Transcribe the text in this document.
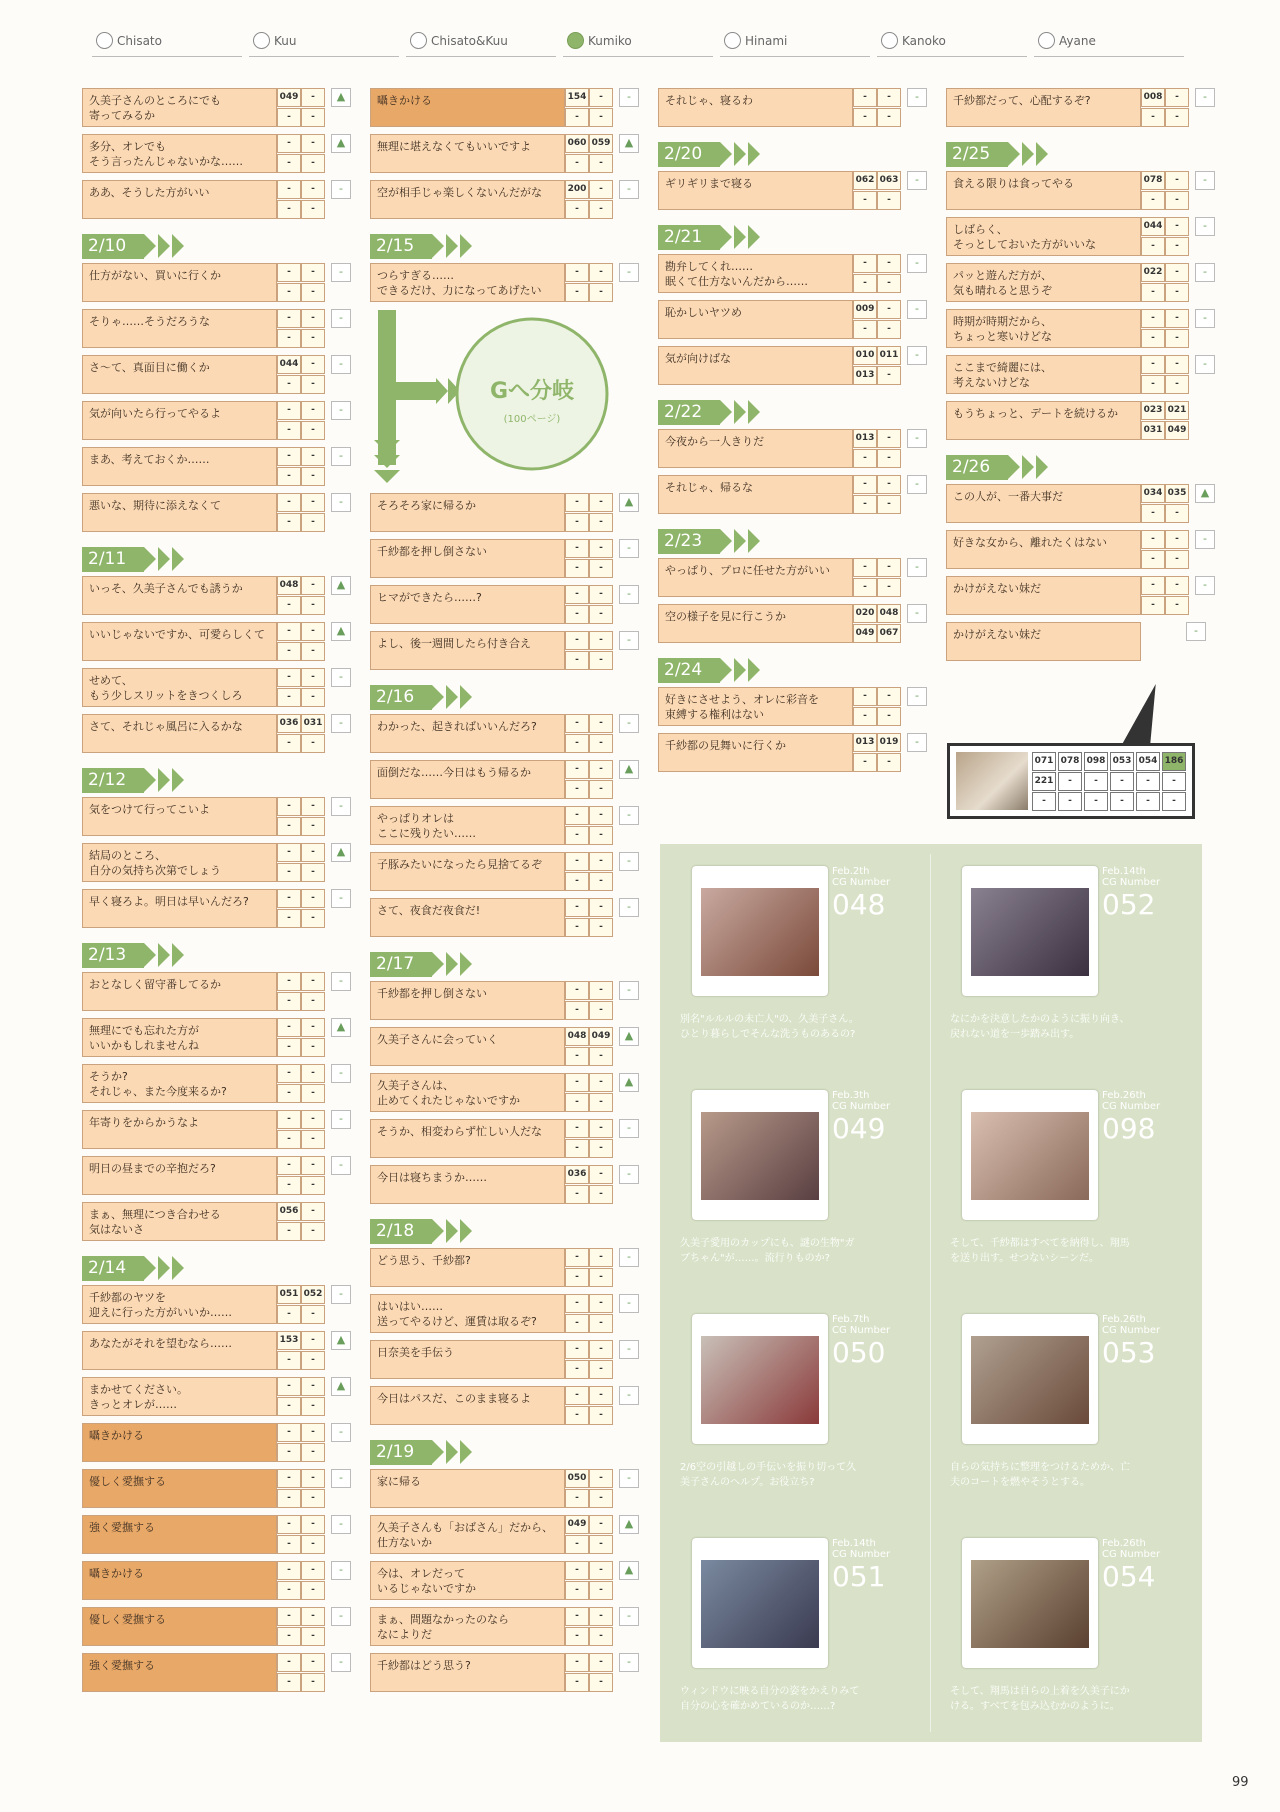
Chisato	Kuu	Chisato&Kuu	Kumiko	Hinami	Kanoko	Ayane
久美子さんのところにでも
寄ってみるか
049	-
-	-
▲
多分、オレでも
そう言ったんじゃないかな……
-	-
-	-
▲
ああ、そうした方がいい	-	-
-	-
-
2/10
仕方がない、買いに行くか	-	-
-	-
-
そりゃ……そうだろうな	-	-
-	-
-
さ〜て、真面目に働くか	044	-
-	-
-
気が向いたら行ってやるよ	-	-
-	-
-
まあ、考えておくか……	-	-
-	-
-
悪いな、期待に添えなくて	-	-
-	-
-
2/11
いっそ、久美子さんでも誘うか	048	-
-	-
▲
いいじゃないですか、可愛らしくて	-	-
-	-
▲
せめて、
もう少しスリットをきつくしろ
-	-
-	-
-
さて、それじゃ風呂に入るかな	036 031
-	-
-
2/12
気をつけて行ってこいよ	-	-
-	-
-
結局のところ、
自分の気持ち次第でしょう
-	-
-	-
▲
早く寝ろよ。明日は早いんだろ?	-	-
-	-
-
2/13
おとなしく留守番してるか	-	-
-	-
-
無理にでも忘れた方が
いいかもしれませんね
-	-
-	-
▲
そうか?
それじゃ、また今度来るか?
-	-
-	-
-
年寄りをからかうなよ	-	-
-	-
-
明日の昼までの辛抱だろ?	-	-
-	-
-
まぁ、無理につき合わせる
気はないさ
056	-
-	-
2/14
千紗都のヤツを
迎えに行った方がいいか……
051 052
-	-
-
あなたがそれを望むなら……	153	-
-	-
▲
まかせてください。
きっとオレが……
-	-
-	-
▲
囁きかける	-	-
-	-
-
優しく愛撫する	-	-
-	-
-
強く愛撫する	-	-
-	-
-
囁きかける	-	-
-	-
-
優しく愛撫する	-	-
-	-
-
強く愛撫する	-	-
-	-
-
囁きかける	154	-
-	-
-
無理に堪えなくてもいいですよ	060 059
-	-
▲
空が相手じゃ楽しくないんだがな	200	-
-	-
-
2/15
つらすぎる……
できるだけ、力になってあげたい
-	-
-	-
-
Gへ分岐
(100ページ)
そろそろ家に帰るか	-	-
-	-
▲
千紗都を押し倒さない	-	-
-	-
-
ヒマができたら……?	-	-
-	-
-
よし、後一週間したら付き合え	-	-
-	-
-
2/16
わかった、起きればいいんだろ?	-	-
-	-
-
面倒だな……今日はもう帰るか	-	-
-	-
▲
やっぱりオレは
ここに残りたい……
-	-
-	-
-
子豚みたいになったら見捨てるぞ	-	-
-	-
-
さて、夜食だ夜食だ!	-	-
-	-
-
2/17
千紗都を押し倒さない	-	-
-	-
-
久美子さんに会っていく	048 049
-	-
▲
久美子さんは、
止めてくれたじゃないですか
-	-
-	-
▲
そうか、相変わらず忙しい人だな	-	-
-	-
-
今日は寝ちまうか……	036	-
-	-
-
2/18
どう思う、千紗都?	-	-
-	-
-
はいはい……
送ってやるけど、運賃は取るぞ?
-	-
-	-
-
日奈美を手伝う	-	-
-	-
-
今日はパスだ、このまま寝るよ	-	-
-	-
-
2/19
家に帰る	050	-
-	-
-
久美子さんも「おばさん」だから、
仕方ないか
049	-
-	-
▲
今は、オレだって
いるじゃないですか
-	-
-	-
▲
まぁ、問題なかったのなら
なによりだ
-	-
-	-
-
千紗都はどう思う?	-	-
-	-
-
それじゃ、寝るわ	-	-
-	-
-
2/20
ギリギリまで寝る	062 063
-	-
-
2/21
勘弁してくれ……
眠くて仕方ないんだから……
-	-
-	-
-
恥かしいヤツめ	009	-
-	-
-
気が向けばな	010 011
013	-
-
2/22
今夜から一人きりだ	013	-
-	-
-
それじゃ、帰るな	-	-
-	-
-
2/23
やっぱり、プロに任せた方がいい	-	-
-	-
-
空の様子を見に行こうか	020 048
049 067
-
2/24
好きにさせよう、オレに彩音を
束縛する権利はない
-	-
-	-
-
千紗都の見舞いに行くか	013 019
-	-
-
千紗都だって、心配するぞ?	008	-
-	-
-
2/25
食える限りは食ってやる	078	-
-	-
-
しばらく、
そっとしておいた方がいいな
044	-
-	-
-
パッと遊んだ方が、
気も晴れると思うぞ
022	-
-	-
-
時期が時期だから、
ちょっと寒いけどな
-	-
-	-
-
ここまで綺麗には、
考えないけどな
-	-
-	-
-
もうちょっと、デートを続けるか	023 021
031 049
2/26
この人が、一番大事だ	034 035
-	-
▲
好きな女から、離れたくはない	-	-
-	-
-
かけがえない妹だ	-	-
-	-
-
かけがえない妹だ	-
071 078 098 053 054 186
221	-	-	-	-	-
-	-	-	-	-	-
Feb.2th
CG Number
048
別名"ルルルの未亡人"の、久美子さん。
ひとり暮らしでそんな洗うものあるの?
Feb.14th
CG Number
052
なにかを決意したかのように振り向き、
戻れない道を一歩踏み出す。
Feb.3th
CG Number
049
久美子愛用のカップにも、謎の生物"ガ
ブちゃん"が……。流行りものか?
Feb.26th
CG Number
098
そして、千紗都はすべてを納得し、翔馬
を送り出す。せつないシーンだ。
Feb.7th
CG Number
050
2/6空の引越しの手伝いを振り切って久
美子さんのヘルプ。お役立ち?
Feb.26th
CG Number
053
自らの気持ちに整理をつけるためか、亡
夫のコートを燃やそうとする。
Feb.14th
CG Number
051
ウィンドウに映る自分の姿をかえりみて
自分の心を確かめているのか……?
Feb.26th
CG Number
054
そして、翔馬は自らの上着を久美子にか
ける。すべてを包み込むかのように。
99
